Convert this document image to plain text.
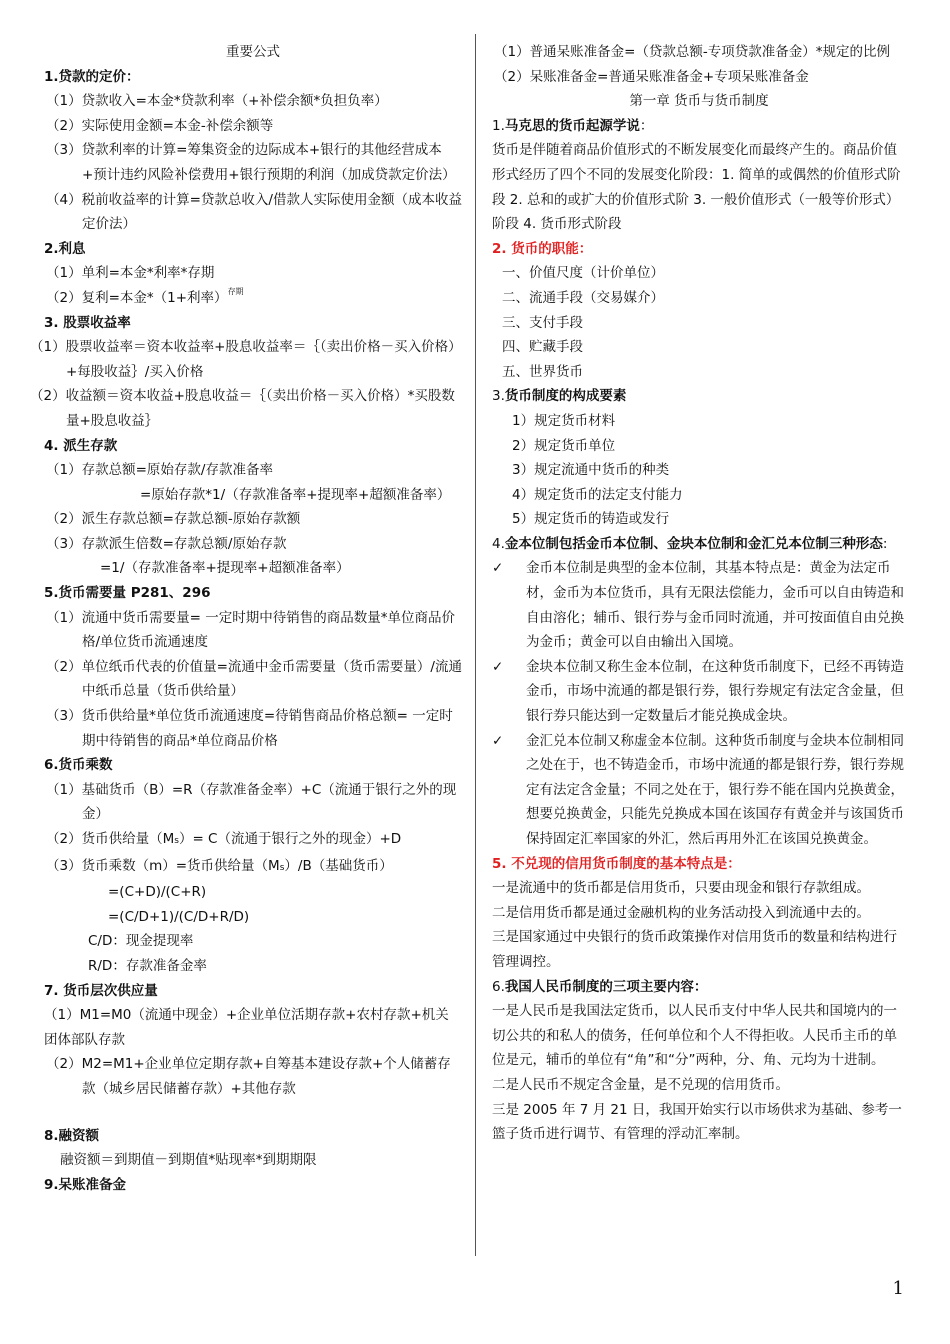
重要公式
1.贷款的定价：
（1）贷款收入=本金*贷款利率（+补偿余额*负担负率）
（2）实际使用金额=本金-补偿余额等
（3）贷款利率的计算=筹集资金的边际成本+银行的其他经营成本+预计违约风险补偿费用+银行预期的利润（加成贷款定价法）
（4）税前收益率的计算=贷款总收入/借款人实际使用金额（成本收益定价法）
2.利息
（1）单利=本金*利率*存期
（2）复利=本金*（1+利率）$^{存期}$
3. 股票收益率
（1）股票收益率＝资本收益率+股息收益率＝｛（卖出价格－买入价格）+每股收益｝/买入价格
（2）收益额＝资本收益+股息收益＝｛（卖出价格－买入价格）*买股数量+股息收益｝
4. 派生存款
（1）存款总额=原始存款/存款准备率
=原始存款*1/（存款准备率+提现率+超额准备率）
（2）派生存款总额=存款总额-原始存款额
（3）存款派生倍数=存款总额/原始存款
=1/（存款准备率+提现率+超额准备率）
5.货币需要量 P281、296
（1）流通中货币需要量= 一定时期中待销售的商品数量*单位商品价格/单位货币流通速度
（2）单位纸币代表的价值量=流通中金币需要量（货币需要量）/流通中纸币总量（货币供给量）
（3）货币供给量*单位货币流通速度=待销售商品价格总额= 一定时期中待销售的商品*单位商品价格
6.货币乘数
（1）基础货币（B）=R（存款准备金率）+C（流通于银行之外的现金）
（2）货币供给量（Ms）= C（流通于银行之外的现金）+D
（3）货币乘数（m）=货币供给量（Ms）/B（基础货币）
=(C+D)/(C+R)
=(C/D+1)/(C/D+R/D)
C/D：现金提现率
R/D：存款准备金率
7. 货币层次供应量
（1）M1=M0（流通中现金）+企业单位活期存款+农村存款+机关团体部队存款
（2）M2=M1+企业单位定期存款+自筹基本建设存款+个人储蓄存款（城乡居民储蓄存款）+其他存款
8.融资额
融资额＝到期值－到期值*贴现率*到期期限
9.呆账准备金
（1）普通呆账准备金=（贷款总额-专项贷款准备金）*规定的比例
（2）呆账准备金=普通呆账准备金+专项呆账准备金
第一章 货币与货币制度
1.马克思的货币起源学说：
货币是伴随着商品价值形式的不断发展变化而最终产生的。商品价值形式经历了四个不同的发展变化阶段：1. 简单的或偶然的价值形式阶段 2. 总和的或扩大的价值形式阶 3. 一般价值形式（一般等价形式）阶段 4. 货币形式阶段
2. 货币的职能：
一、价值尺度（计价单位）
二、流通手段（交易媒介）
三、支付手段
四、贮藏手段
五、世界货币
3.货币制度的构成要素
1）规定货币材料
2）规定货币单位
3）规定流通中货币的种类
4）规定货币的法定支付能力
5）规定货币的铸造或发行
4.金本位制包括金币本位制、金块本位制和金汇兑本位制三种形态:
✓ 金币本位制是典型的金本位制，其基本特点是：黄金为法定币材，金币为本位货币，具有无限法偿能力，金币可以自由铸造和自由溶化；辅币、银行券与金币同时流通，并可按面值自由兑换为金币；黄金可以自由输出入国境。
✓ 金块本位制又称生金本位制，在这种货币制度下，已经不再铸造金币，市场中流通的都是银行券，银行券规定有法定含金量，但银行券只能达到一定数量后才能兑换成金块。
✓ 金汇兑本位制又称虚金本位制。这种货币制度与金块本位制相同之处在于，也不铸造金币，市场中流通的都是银行券，银行券规定有法定含金量；不同之处在于，银行券不能在国内兑换黄金，想要兑换黄金，只能先兑换成本国在该国存有黄金并与该国货币保持固定汇率国家的外汇，然后再用外汇在该国兑换黄金。
5. 不兑现的信用货币制度的基本特点是：
一是流通中的货币都是信用货币，只要由现金和银行存款组成。
二是信用货币都是通过金融机构的业务活动投入到流通中去的。
三是国家通过中央银行的货币政策操作对信用货币的数量和结构进行管理调控。
6.我国人民币制度的三项主要内容：
一是人民币是我国法定货币，以人民币支付中华人民共和国境内的一切公共的和私人的债务，任何单位和个人不得拒收。人民币主币的单位是元，辅币的单位有“角”和“分”两种，分、角、元均为十进制。
二是人民币不规定含金量，是不兑现的信用货币。
三是 2005 年 7 月 21 日，我国开始实行以市场供求为基础、参考一篮子货币进行调节、有管理的浮动汇率制。
1
